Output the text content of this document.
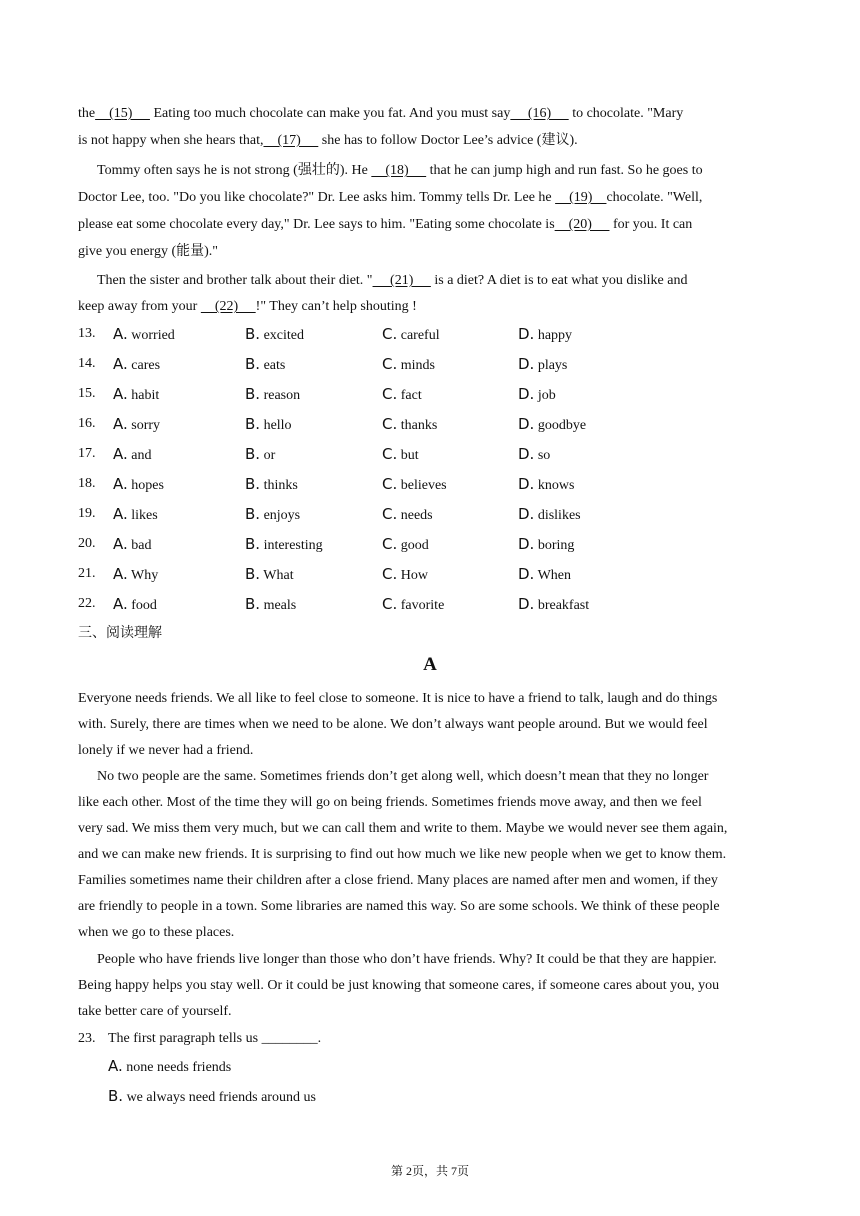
the    (15)      Eating too much chocolate can make you fat. And you must say     (16)      to chocolate. "Mary
is not happy when she hears that,    (17)      she has to follow Doctor Lee’s advice (建议).
Tommy often says he is not strong (强壮的). He     (18)      that he can jump high and run fast. So he goes to
Doctor Lee, too. "Do you like chocolate?" Dr. Lee asks him. Tommy tells Dr. Lee he     (19)    chocolate. "Well,
please eat some chocolate every day," Dr. Lee says to him. "Eating some chocolate is    (20)      for you. It can
give you energy (能量)."
Then the sister and brother talk about their diet. "     (21)      is a diet? A diet is to eat what you dislike and
keep away from your     (22)     !" They can’t help shouting !
13. A. worried	B. excited	C. careful	D. happy
14. A. cares	B. eats	C. minds	D. plays
15. A. habit	B. reason	C. fact	D. job
16. A. sorry	B. hello	C. thanks	D. goodbye
17. A. and	B. or	C. but	D. so
18. A. hopes	B. thinks	C. believes	D. knows
19. A. likes	B. enjoys	C. needs	D. dislikes
20. A. bad	B. interesting	C. good	D. boring
21. A. Why	B. What	C. How	D. When
22. A. food	B. meals	C. favorite	D. breakfast
三、阅读理解
A
Everyone needs friends. We all like to feel close to someone. It is nice to have a friend to talk, laugh and do things
with. Surely, there are times when we need to be alone. We don’t always want people around. But we would feel
lonely if we never had a friend.
No two people are the same. Sometimes friends don’t get along well, which doesn’t mean that they no longer
like each other. Most of the time they will go on being friends. Sometimes friends move away, and then we feel
very sad. We miss them very much, but we can call them and write to them. Maybe we would never see them again,
and we can make new friends. It is surprising to find out how much we like new people when we get to know them.
Families sometimes name their children after a close friend. Many places are named after men and women, if they
are friendly to people in a town. Some libraries are named this way. So are some schools. We think of these people
when we go to these places.
People who have friends live longer than those who don’t have friends. Why? It could be that they are happier.
Being happy helps you stay well. Or it could be just knowing that someone cares, if someone cares about you, you
take better care of yourself.
23. The first paragraph tells us ________.
A. none needs friends
B. we always need friends around us
第 2页，共 7页
